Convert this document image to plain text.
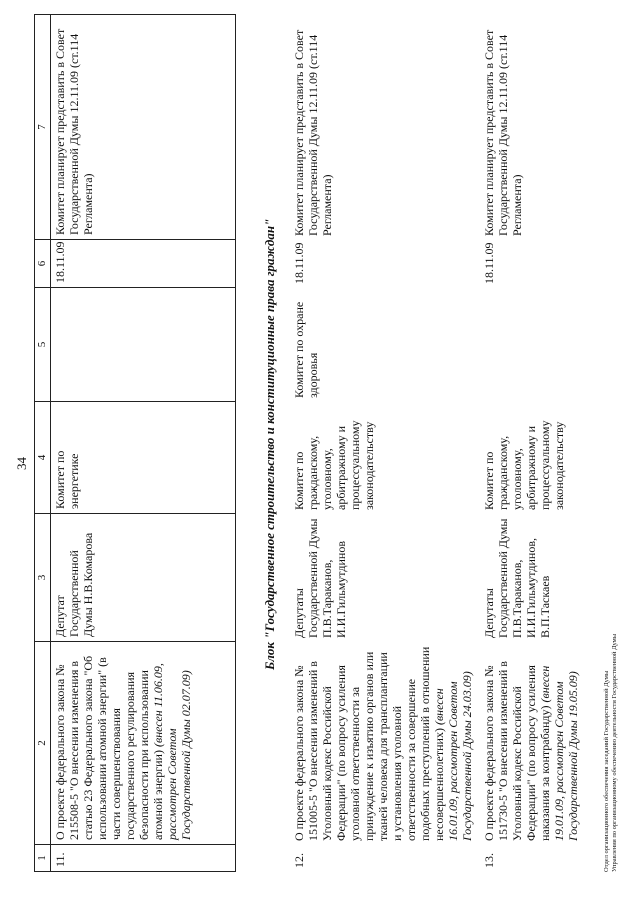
34
1	2	3	4	5	6	7
11.	О проекте федерального закона № 215508-5 "О внесении изменения в статью 23 Федерального закона "Об использовании атомной энергии" (в части совершенствования государственного регулирования безопасности при использовании атомной энергии) (внесен 11.06.09, рассмотрен Советом Государственной Думы 02.07.09)	Депутат Государственной Думы Н.В.Комарова	Комитет по энергетике		18.11.09	Комитет планирует представить в Совет Государственной Думы 12.11.09 (ст.114 Регламента)
Блок "Государственное строительство и конституционные права граждан"
12.	О проекте федерального закона № 151005-5 "О внесении изменений в Уголовный кодекс Российской Федерации" (по вопросу усиления уголовной ответственности за принуждение к изъятию органов или тканей человека для трансплантации и установления уголовной ответственности за совершение подобных преступлений в отношении несовершеннолетних) (внесен 16.01.09, рассмотрен Советом Государственной Думы 24.03.09)	Депутаты Государственной Думы П.В.Тараканов, И.И.Гильмутдинов	Комитет по гражданскому, уголовному, арбитражному и процессуальному законодательству	Комитет по охране здоровья	18.11.09	Комитет планирует представить в Совет Государственной Думы 12.11.09 (ст.114 Регламента)
13.	О проекте федерального закона № 151730-5 "О внесении изменений в Уголовный кодекс Российской Федерации" (по вопросу усиления наказания за контрабанду) (внесен 19.01.09, рассмотрен Советом Государственной Думы 19.05.09)	Депутаты Государственной Думы П.В.Тараканов, И.И.Гильмутдинов, В.П.Таскаев	Комитет по гражданскому, уголовному, арбитражному и процессуальному законодательству		18.11.09	Комитет планирует представить в Совет Государственной Думы 12.11.09 (ст.114 Регламента)
Отдел организационного обеспечения заседаний Государственной Думы Управления по организационному обеспечению деятельности Государственной Думы
